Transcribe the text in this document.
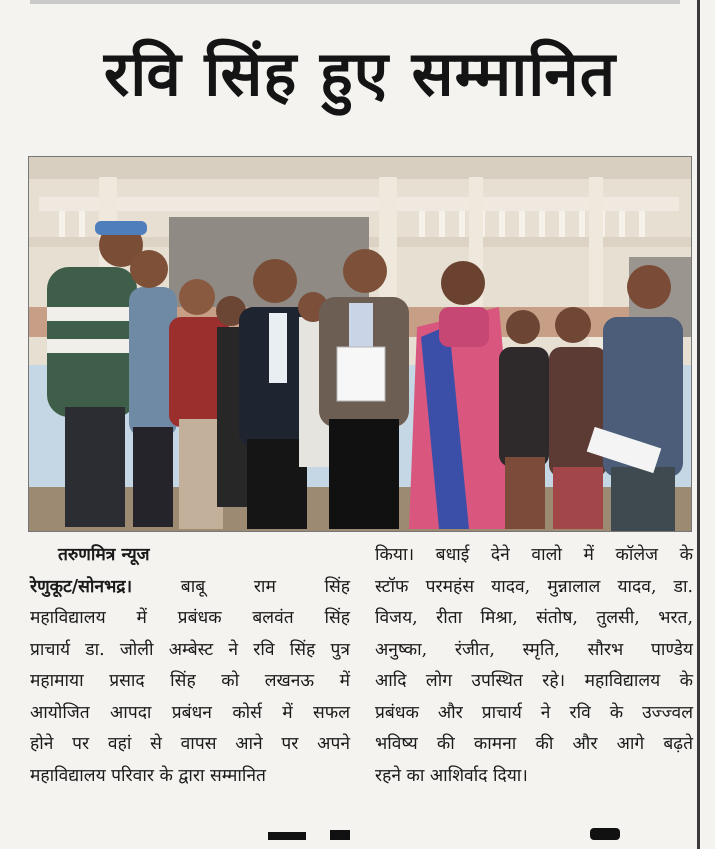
रवि सिंह हुए सम्मानित

तरुणमित्र न्यूज

रेणुकूट/सोनभद्र।	बाबू राम सिंह

महाविद्यालय में प्रबंधक बलवंत सिंह

प्राचार्य डा. जोली अम्बेस्ट ने रवि सिंह पुत्र

महामाया प्रसाद सिंह को लखनऊ में

आयोजित आपदा प्रबंधन कोर्स में सफल

होने पर वहां से वापस आने पर अपने

महाविद्यालय परिवार के द्वारा सम्मानित

किया। बधाई देने वालो में कॉलेज के

स्टॉफ परमहंस यादव, मुन्नालाल यादव, डा.

विजय, रीता मिश्रा, संतोष, तुलसी, भरत,

अनुष्का, रंजीत, स्मृति, सौरभ पाण्डेय

आदि लोग उपस्थित रहे। महाविद्यालय के

प्रबंधक और प्राचार्य ने रवि के उज्ज्वल

भविष्य की कामना की और आगे बढ़ते

रहने का आशिर्वाद दिया।
